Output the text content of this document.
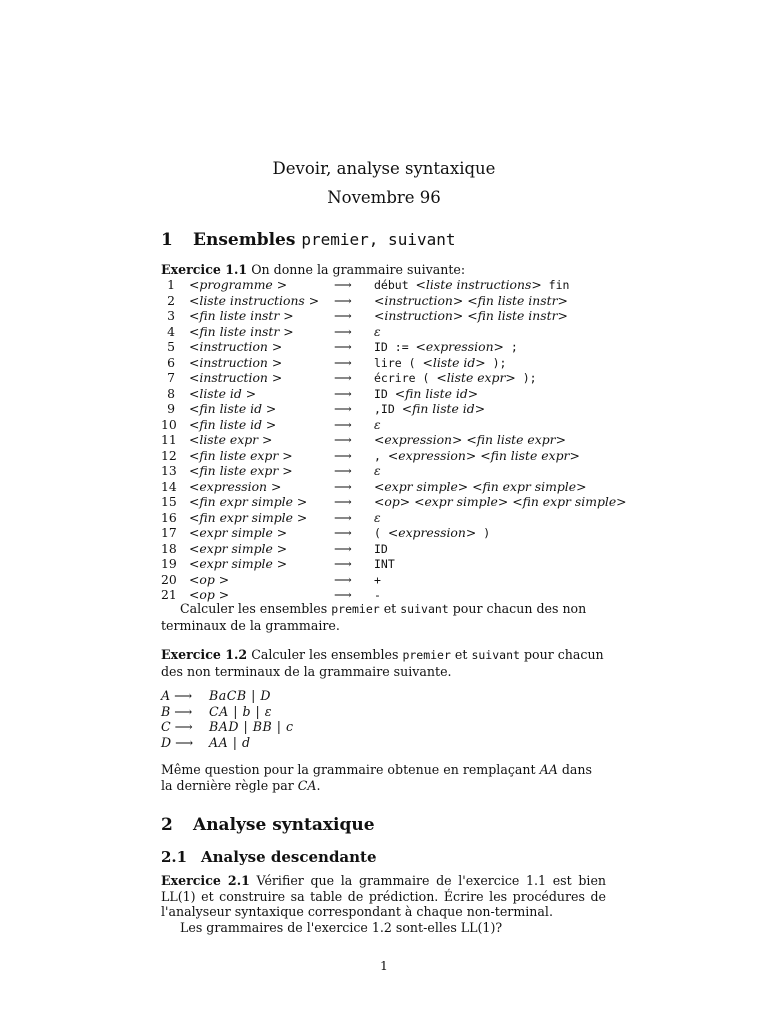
Devoir, analyse syntaxique
Novembre 96
1 Ensembles premier, suivant
Exercice 1.1 On donne la grammaire suivante:
1 <programme >	⟶ début <liste instructions> fin
2 <liste instructions > ⟶ <instruction> <fin liste instr>
3 <fin liste instr >	⟶ <instruction> <fin liste instr>
4 <fin liste instr >	⟶ ε
5 <instruction >	⟶ ID := <expression> ;
6 <instruction >	⟶ lire ( <liste id> );
7 <instruction >	⟶ écrire ( <liste expr> );
8 <liste id >	⟶ ID <fin liste id>
9 <fin liste id >	⟶ ,ID <fin liste id>
10 <fin liste id >	⟶ ε
11 <liste expr >	⟶ <expression> <fin liste expr>
12 <fin liste expr >	⟶ , <expression> <fin liste expr>
13 <fin liste expr >	⟶ ε
14 <expression >	⟶ <expr simple> <fin expr simple>
15 <fin expr simple > ⟶ <op> <expr simple> <fin expr simple>
16 <fin expr simple > ⟶ ε
17 <expr simple >	⟶ ( <expression> )
18 <expr simple >	⟶ ID
19 <expr simple >	⟶ INT
20 <op >	⟶ +
21 <op >	⟶ -
Calculer les ensembles premier et suivant pour chacun des non terminaux de la grammaire.
Exercice 1.2 Calculer les ensembles premier et suivant pour chacun des non terminaux de la grammaire suivante.
A ⟶ BaCB | D
B ⟶ CA | b | ε
C ⟶ BAD | BB | c
D ⟶ AA | d
Même question pour la grammaire obtenue en remplaçant AA dans la dernière règle par CA.
2 Analyse syntaxique
2.1 Analyse descendante
Exercice 2.1 Vérifier que la grammaire de l'exercice 1.1 est bien LL(1) et construire sa table de prédiction. Écrire les procédures de l'analyseur syntaxique correspondant à chaque non-terminal.
Les grammaires de l'exercice 1.2 sont-elles LL(1)?
1
